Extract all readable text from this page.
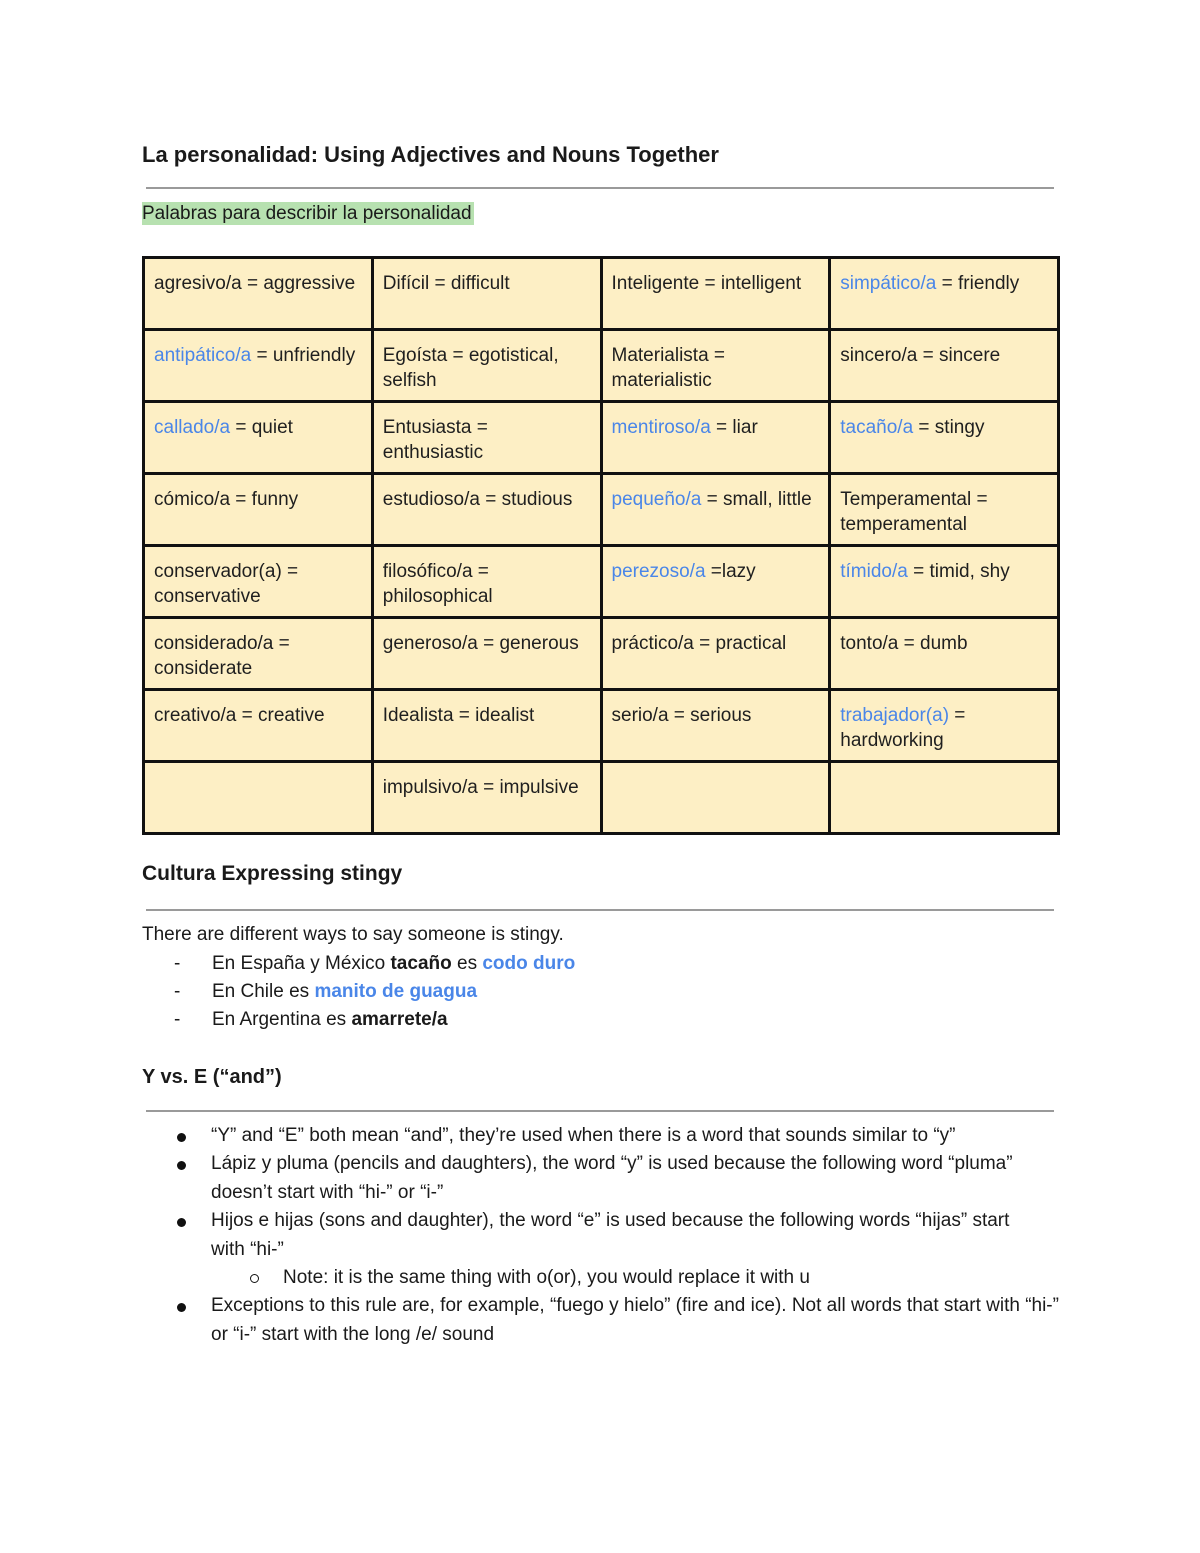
La personalidad: Using Adjectives and Nouns Together
Palabras para describir la personalidad
agresivo/a = aggressive	Difícil = difficult	Inteligente = intelligent	simpático/a = friendly
antipático/a = unfriendly	Egoísta = egotistical, selfish	Materialista = materialistic	sincero/a = sincere
callado/a = quiet	Entusiasta = enthusiastic	mentiroso/a = liar	tacaño/a = stingy
cómico/a = funny	estudioso/a = studious	pequeño/a = small, little	Temperamental = temperamental
conservador(a) = conservative	filosófico/a = philosophical	perezoso/a =lazy	tímido/a = timid, shy
considerado/a = considerate	generoso/a = generous	práctico/a = practical	tonto/a = dumb
creativo/a = creative	Idealista = idealist	serio/a = serious	trabajador(a) = hardworking
	impulsivo/a = impulsive		
Cultura Expressing stingy

There are different ways to say someone is stingy.

- En España y México tacaño es codo duro
- En Chile es manito de guagua
- En Argentina es amarrete/a
Y vs. E (“and”)
“Y” and “E” both mean “and”, they’re used when there is a word that sounds similar to “y”
Lápiz y pluma (pencils and daughters), the word “y” is used because the following word “pluma” doesn’t start with “hi-” or “i-”
Hijos e hijas (sons and daughter), the word “e” is used because the following words “hijas” start with “hi-”
Note: it is the same thing with o(or), you would replace it with u
Exceptions to this rule are, for example, “fuego y hielo” (fire and ice). Not all words that start with “hi-” or “i-” start with the long /e/ sound
